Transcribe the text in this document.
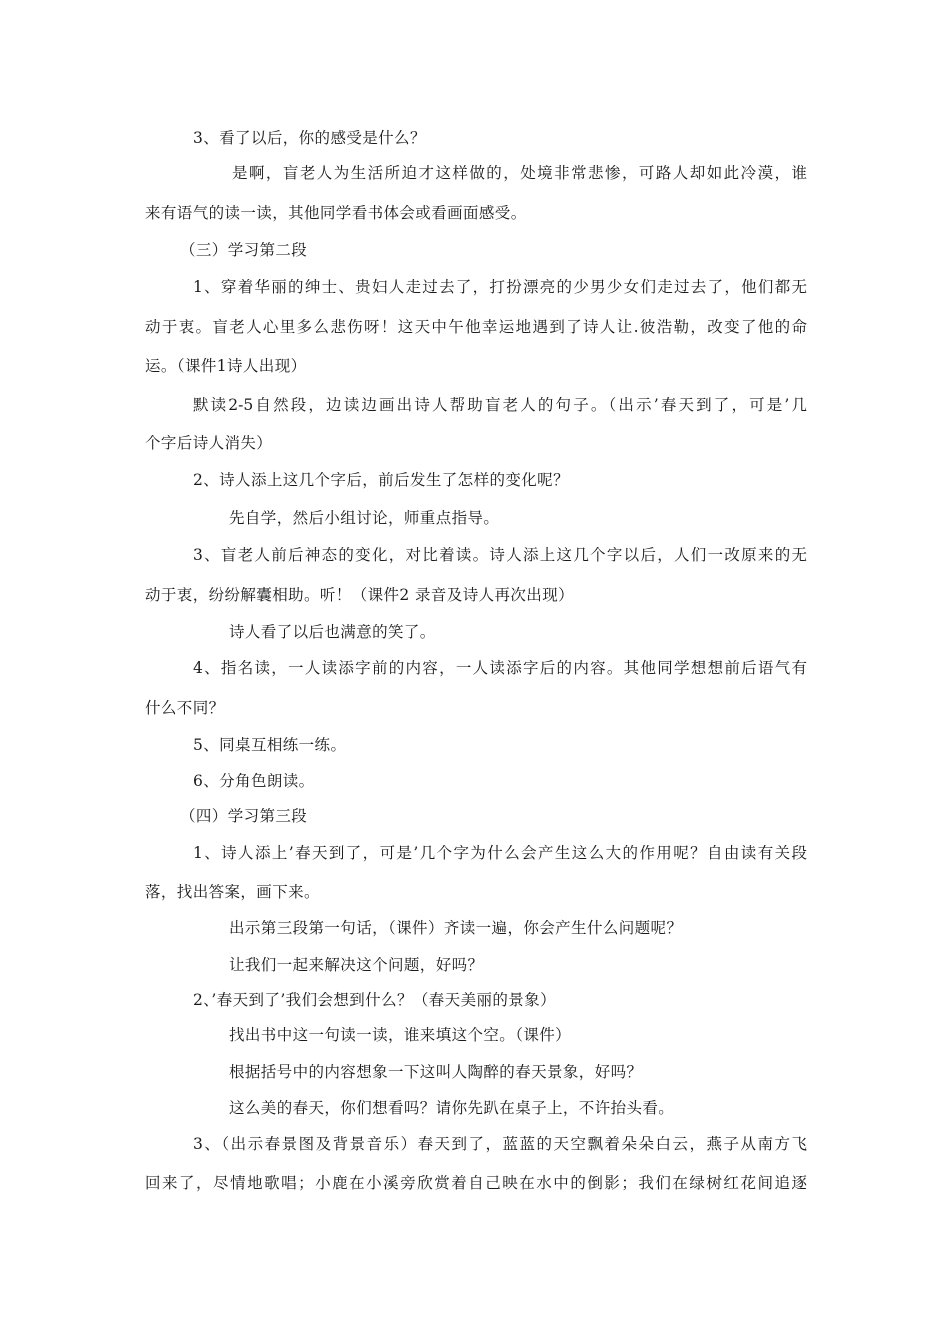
3、看了以后，你的感受是什么？
是啊，盲老人为生活所迫才这样做的，处境非常悲惨，可路人却如此冷漠，谁
来有语气的读一读，其他同学看书体会或看画面感受。
（三）学习第二段
1、穿着华丽的绅士、贵妇人走过去了，打扮漂亮的少男少女们走过去了，他们都无
动于衷。盲老人心里多么悲伤呀！这天中午他幸运地遇到了诗人让.彼浩勒，改变了他的命
运。（课件1诗人出现）
默读2-5自然段，边读边画出诗人帮助盲老人的句子。（出示’春天到了，可是’几
个字后诗人消失）
2、诗人添上这几个字后，前后发生了怎样的变化呢？
先自学，然后小组讨论，师重点指导。
3、盲老人前后神态的变化，对比着读。诗人添上这几个字以后，人们一改原来的无
动于衷，纷纷解囊相助。听！（课件2 录音及诗人再次出现）
诗人看了以后也满意的笑了。
4、指名读，一人读添字前的内容，一人读添字后的内容。其他同学想想前后语气有
什么不同？
5、同桌互相练一练。
6、分角色朗读。
（四）学习第三段
1、诗人添上’春天到了，可是’几个字为什么会产生这么大的作用呢？自由读有关段
落，找出答案，画下来。
出示第三段第一句话，（课件）齐读一遍，你会产生什么问题呢？
让我们一起来解决这个问题，好吗？
2、’春天到了’我们会想到什么？（春天美丽的景象）
找出书中这一句读一读，谁来填这个空。（课件）
根据括号中的内容想象一下这叫人陶醉的春天景象，好吗？
这么美的春天，你们想看吗？请你先趴在桌子上，不许抬头看。
3、（出示春景图及背景音乐）春天到了，蓝蓝的天空飘着朵朵白云，燕子从南方飞
回来了，尽情地歌唱；小鹿在小溪旁欣赏着自己映在水中的倒影；我们在绿树红花间追逐
